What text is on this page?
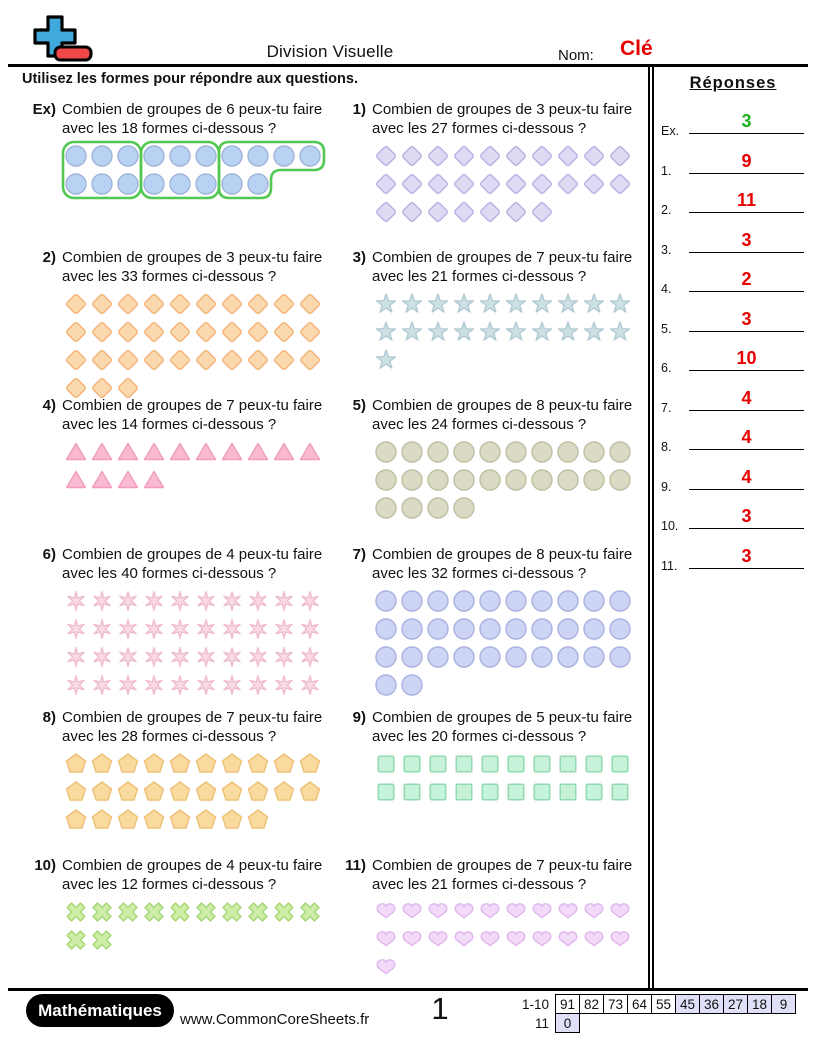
Division Visuelle	Nom: Clé
Utilisez les formes pour répondre aux questions.
Ex) Combien de groupes de 6 peux-tu faire
avec les 18 formes ci-dessous ?
1) Combien de groupes de 3 peux-tu faire
avec les 27 formes ci-dessous ?
2) Combien de groupes de 3 peux-tu faire
avec les 33 formes ci-dessous ?
3) Combien de groupes de 7 peux-tu faire
avec les 21 formes ci-dessous ?
4) Combien de groupes de 7 peux-tu faire
avec les 14 formes ci-dessous ?
5) Combien de groupes de 8 peux-tu faire
avec les 24 formes ci-dessous ?
6) Combien de groupes de 4 peux-tu faire
avec les 40 formes ci-dessous ?
7) Combien de groupes de 8 peux-tu faire
avec les 32 formes ci-dessous ?
8) Combien de groupes de 7 peux-tu faire
avec les 28 formes ci-dessous ?
9) Combien de groupes de 5 peux-tu faire
avec les 20 formes ci-dessous ?
10) Combien de groupes de 4 peux-tu faire
avec les 12 formes ci-dessous ?
11) Combien de groupes de 7 peux-tu faire
avec les 21 formes ci-dessous ?
Réponses
Ex.	3
1.	9
2.	11
3.	3
4.	2
5.	3
6.	10
7.	4
8.	4
9.	4
10.	3
11.	3
Mathématiques	www.CommonCoreSheets.fr	1	1-10	91	82	73	64	55	45	36	27	18	9
11	0									
